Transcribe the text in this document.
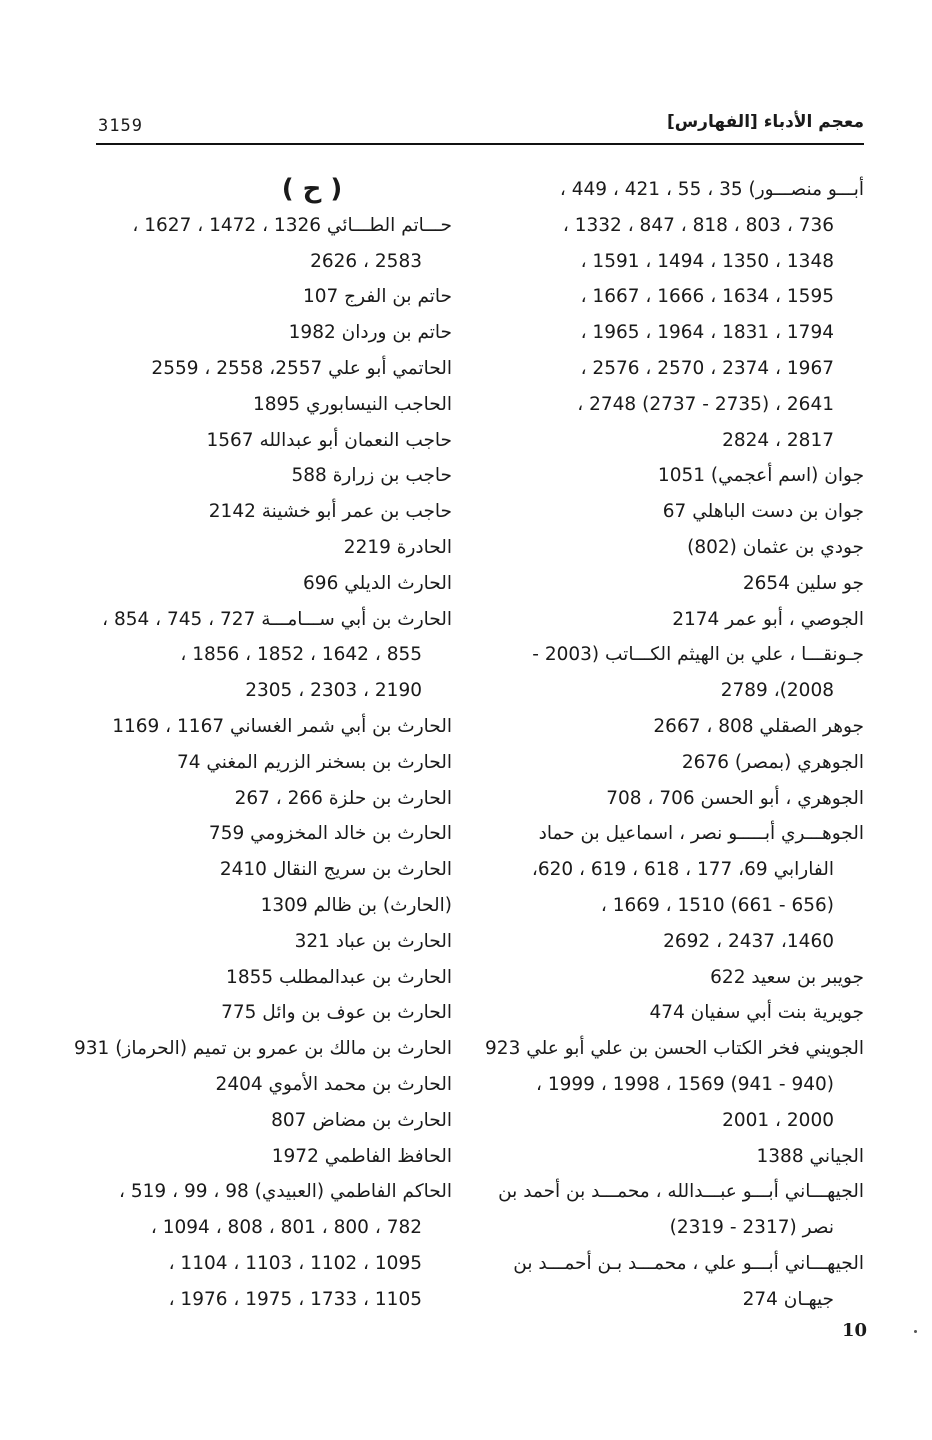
3159	معجم الأدباء [الفهارس]
أبـــو منصـــور) 35 ، 55 ، 421 ، 449 ،
736 ، 803 ، 818 ، 847 ، 1332 ،
1348 ، 1350 ، 1494 ، 1591 ،
1595 ، 1634 ، 1666 ، 1667 ،
1794 ، 1831 ، 1964 ، 1965 ،
1967 ، 2374 ، 2570 ، 2576 ،
2641 ، (2735 - 2737) 2748 ،
2817 ، 2824
جوان (اسم أعجمي) 1051
جوان بن دست الباهلي 67
جودي بن عثمان (802)
جو سلين 2654
الجوصي ، أبو عمر 2174
جـونقـــا ، علي بن الهيثم الكـــاتب (2003 -
2008)، 2789
جوهر الصقلي 808 ، 2667
الجوهري (بمصر) 2676
الجوهري ، أبو الحسن 706 ، 708
الجوهـــري أبـــــو نصر ، اسماعيل بن حماد
الفارابي 69، 177 ، 618 ، 619 ، 620،
(656 - 661) 1510 ، 1669 ،
1460، 2437 ، 2692
جويبر بن سعيد 622
جويرية بنت أبي سفيان 474
الجويني فخر الكتاب الحسن بن علي أبو علي 923
(940 - 941) 1569 ، 1998 ، 1999 ،
2000 ، 2001
الجياني 1388
الجيهـــاني أبـــو عبـــدالله ، محمـــد بن أحمد بن
نصر (2317 - 2319)
الجيهـــاني أبـــو علي ، محمـــد بـن أحمـــد بن
جيهـان 274
( ح )
حـــاتم الطـــائي 1326 ، 1472 ، 1627 ،
2583 ، 2626
حاتم بن الفرج 107
حاتم بن وردان 1982
الحاتمي أبو علي 2557، 2558 ، 2559
الحاجب النيسابوري 1895
حاجب النعمان أبو عبدالله 1567
حاجب بن زرارة 588
حاجب بن عمر أبو خشينة 2142
الحادرة 2219
الحارث الديلي 696
الحارث بن أبي ســـامـــة 727 ، 745 ، 854 ،
855 ، 1642 ، 1852 ، 1856 ،
2190 ، 2303 ، 2305
الحارث بن أبي شمر الغساني 1167 ، 1169
الحارث بن بسخنر الزريم المغني 74
الحارث بن حلزة 266 ، 267
الحارث بن خالد المخزومي 759
الحارث بن سريج النقال 2410
(الحارث) بن ظالم 1309
الحارث بن عباد 321
الحارث بن عبدالمطلب 1855
الحارث بن عوف بن وائل 775
الحارث بن مالك بن عمرو بن تميم (الحرماز) 931
الحارث بن محمد الأموي 2404
الحارث بن مضاض 807
الحافظ الفاطمي 1972
الحاكم الفاطمي (العبيدي) 98 ، 99 ، 519 ،
782 ، 800 ، 801 ، 808 ، 1094 ،
1095 ، 1102 ، 1103 ، 1104 ،
1105 ، 1733 ، 1975 ، 1976 ،
10
